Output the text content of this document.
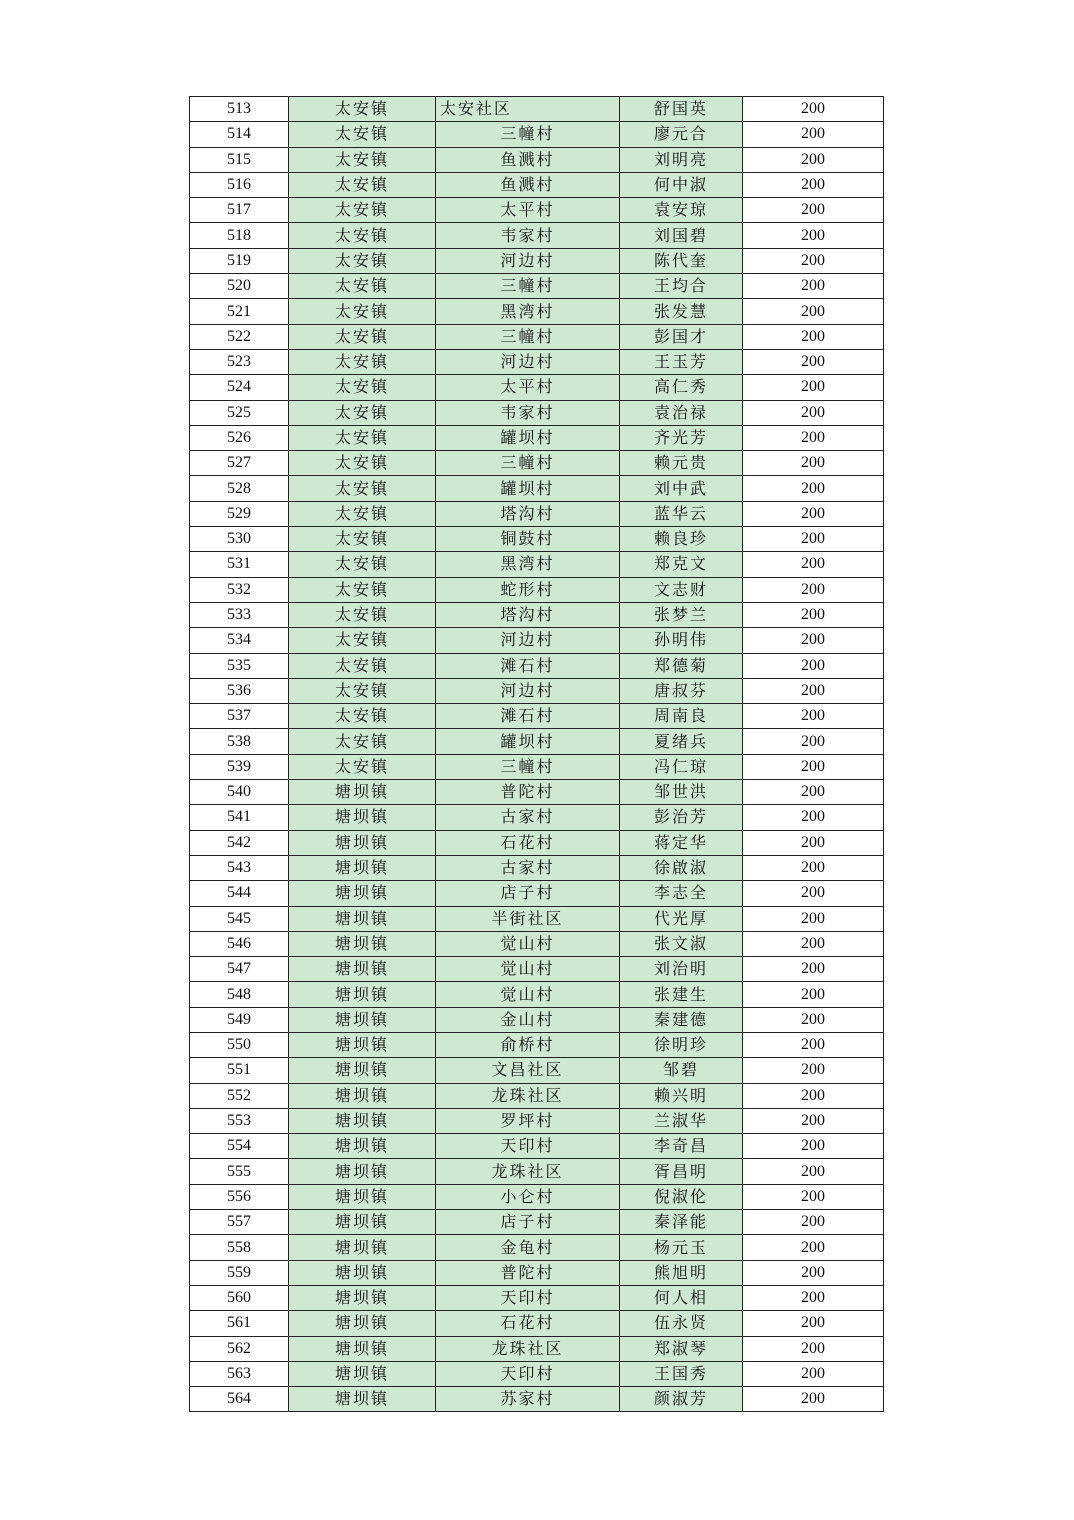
513	太安镇	太安社区	舒国英	200
514	太安镇	三幢村	廖元合	200
515	太安镇	鱼溅村	刘明亮	200
516	太安镇	鱼溅村	何中淑	200
517	太安镇	太平村	袁安琼	200
518	太安镇	韦家村	刘国碧	200
519	太安镇	河边村	陈代奎	200
520	太安镇	三幢村	王均合	200
521	太安镇	黑湾村	张发慧	200
522	太安镇	三幢村	彭国才	200
523	太安镇	河边村	王玉芳	200
524	太安镇	太平村	高仁秀	200
525	太安镇	韦家村	袁治禄	200
526	太安镇	罐坝村	齐光芳	200
527	太安镇	三幢村	赖元贵	200
528	太安镇	罐坝村	刘中武	200
529	太安镇	塔沟村	蓝华云	200
530	太安镇	铜鼓村	赖良珍	200
531	太安镇	黑湾村	郑克文	200
532	太安镇	蛇形村	文志财	200
533	太安镇	塔沟村	张梦兰	200
534	太安镇	河边村	孙明伟	200
535	太安镇	滩石村	郑德菊	200
536	太安镇	河边村	唐叔芬	200
537	太安镇	滩石村	周南良	200
538	太安镇	罐坝村	夏绪兵	200
539	太安镇	三幢村	冯仁琼	200
540	塘坝镇	普陀村	邹世洪	200
541	塘坝镇	古家村	彭治芳	200
542	塘坝镇	石花村	蒋定华	200
543	塘坝镇	古家村	徐啟淑	200
544	塘坝镇	店子村	李志全	200
545	塘坝镇	半街社区	代光厚	200
546	塘坝镇	觉山村	张文淑	200
547	塘坝镇	觉山村	刘治明	200
548	塘坝镇	觉山村	张建生	200
549	塘坝镇	金山村	秦建德	200
550	塘坝镇	俞桥村	徐明珍	200
551	塘坝镇	文昌社区	邹碧	200
552	塘坝镇	龙珠社区	赖兴明	200
553	塘坝镇	罗坪村	兰淑华	200
554	塘坝镇	天印村	李奇昌	200
555	塘坝镇	龙珠社区	胥昌明	200
556	塘坝镇	小仑村	倪淑伦	200
557	塘坝镇	店子村	秦泽能	200
558	塘坝镇	金龟村	杨元玉	200
559	塘坝镇	普陀村	熊旭明	200
560	塘坝镇	天印村	何人相	200
561	塘坝镇	石花村	伍永贤	200
562	塘坝镇	龙珠社区	郑淑琴	200
563	塘坝镇	天印村	王国秀	200
564	塘坝镇	苏家村	颜淑芳	200
